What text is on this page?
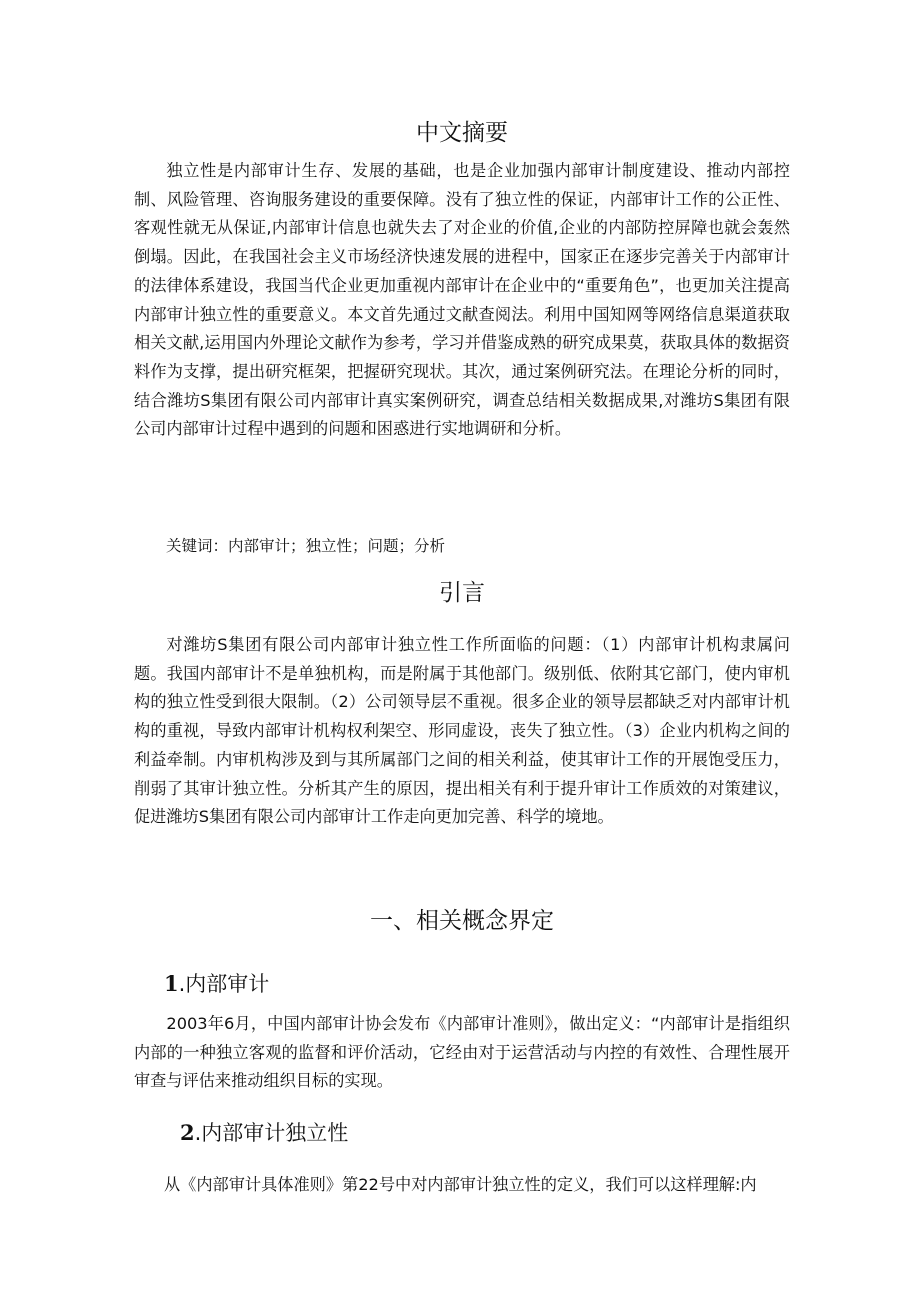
中文摘要

独立性是内部审计生存、发展的基础，也是企业加强内部审计制度建设、推动内部控制、风险管理、咨询服务建设的重要保障。没有了独立性的保证，内部审计工作的公正性、客观性就无从保证,内部审计信息也就失去了对企业的价值,企业的内部防控屏障也就会轰然倒塌。因此，在我国社会主义市场经济快速发展的进程中，国家正在逐步完善关于内部审计的法律体系建设，我国当代企业更加重视内部审计在企业中的“重要角色”，也更加关注提高内部审计独立性的重要意义。本文首先通过文献查阅法。利用中国知网等网络信息渠道获取相关文献,运用国内外理论文献作为参考，学习并借鉴成熟的研究成果莫，获取具体的数据资料作为支撑，提出研究框架，把握研究现状。其次，通过案例研究法。在理论分析的同时，结合潍坊S集团有限公司内部审计真实案例研究，调查总结相关数据成果,对潍坊S集团有限公司内部审计过程中遇到的问题和困惑进行实地调研和分析。

关键词：内部审计；独立性；问题；分析

引言

对潍坊S集团有限公司内部审计独立性工作所面临的问题：（1）内部审计机构隶属问题。我国内部审计不是单独机构，而是附属于其他部门。级别低、依附其它部门，使内审机构的独立性受到很大限制。（2）公司领导层不重视。很多企业的领导层都缺乏对内部审计机构的重视，导致内部审计机构权利架空、形同虚设，丧失了独立性。（3）企业内机构之间的利益牵制。内审机构涉及到与其所属部门之间的相关利益，使其审计工作的开展饱受压力，削弱了其审计独立性。分析其产生的原因，提出相关有利于提升审计工作质效的对策建议，促进潍坊S集团有限公司内部审计工作走向更加完善、科学的境地。

一、相关概念界定
1.内部审计

2003年6月，中国内部审计协会发布《内部审计准则》，做出定义：“内部审计是指组织内部的一种独立客观的监督和评价活动，它经由对于运营活动与内控的有效性、合理性展开审查与评估来推动组织目标的实现。

2.内部审计独立性

从《内部审计具体准则》第22号中对内部审计独立性的定义，我们可以这样理解:内
